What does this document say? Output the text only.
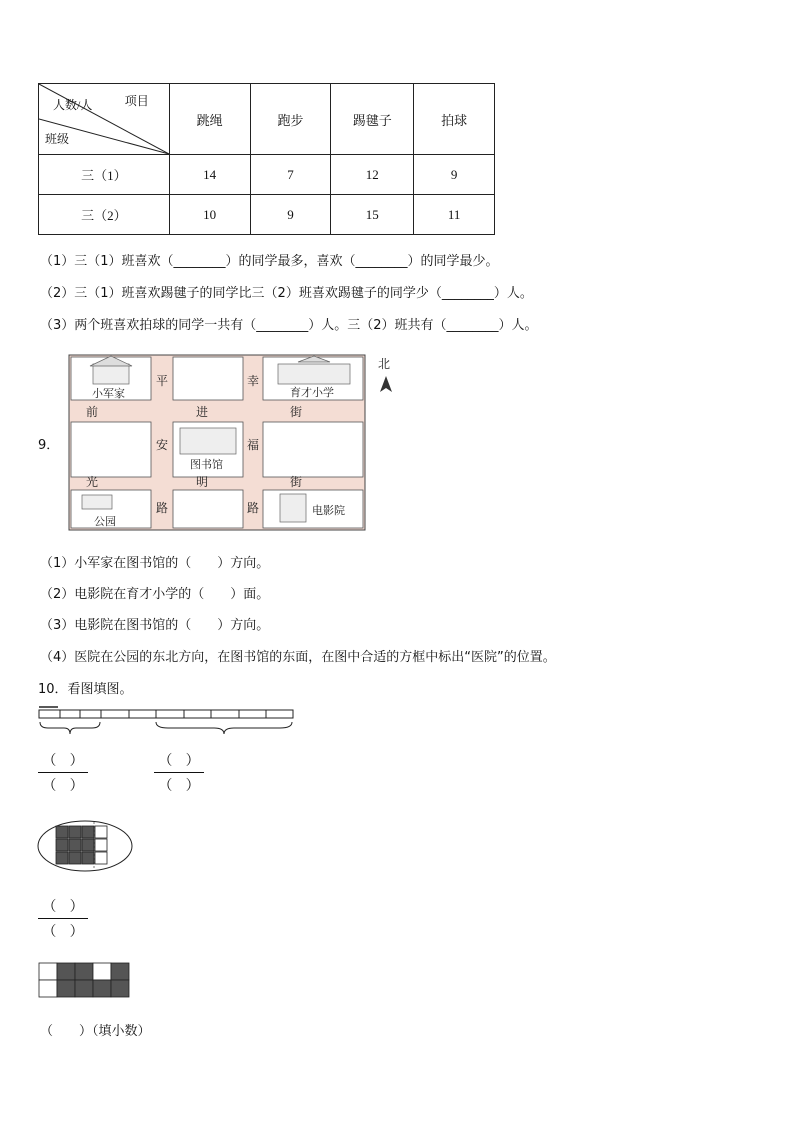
项目
人数/人
班级	跳绳	跑步	踢毽子	拍球
三（1）	14	7	12	9
三（2）	10	9	15	11
（1）三（1）班喜欢（________）的同学最多，喜欢（________）的同学最少。
（2）三（1）班喜欢踢毽子的同学比三（2）班喜欢踢毽子的同学少（________）人。
（3）两个班喜欢拍球的同学一共有（________）人。三（2）班共有（________）人。
9．
小军家	育才小学
图书馆
公园
电影院
平
安
路
幸
福
路
前	进	街
光	明	街
北
（1）小军家在图书馆的（　　）方向。
（2）电影院在育才小学的（　　）面。
（3）电影院在图书馆的（　　）方向。
（4）医院在公园的东北方向，在图书馆的东面，在图中合适的方框中标出“医院”的位置。
10．看图填图。
（ ）
（ ）
（ ）
（ ）
（ ）
（ ）
（　　）（填小数）
